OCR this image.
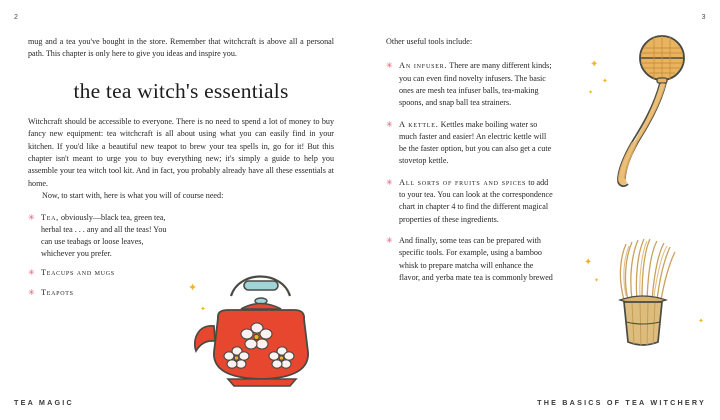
2

mug and a tea you've bought in the store. Remember that witchcraft is above all a personal path. This chapter is only here to give you ideas and inspire you.

the tea witch's essentials

Witchcraft should be accessible to everyone. There is no need to spend a lot of money to buy fancy new equipment: tea witchcraft is all about using what you can easily find in your kitchen. If you'd like a beautiful new teapot to brew your tea spells in, go for it! But this chapter isn't meant to urge you to buy everything new; it's simply a guide to help you assemble your tea witch tool kit. And in fact, you probably already have all these essentials at home.

Now, to start with, here is what you will of course need:

✳ Tea, obviously—black tea, green tea, herbal tea . . . any and all the teas! You can use teabags or loose leaves, whichever you prefer.
✳ Teacups and mugs
✳ Teapots	✦
✦
TEA MAGIC
3

Other useful tools include:

✳ An infuser. There are many different kinds; you can even find novelty infusers. The basic ones are mesh tea infuser balls, tea-making spoons, and snap ball tea strainers.
✳ A kettle. Kettles make boiling water so much faster and easier! An electric kettle will be the faster option, but you can also get a cute stovetop kettle.
✳ All sorts of fruits and spices to add to your tea. You can look at the correspondence chart in chapter 4 to find the different magical properties of these ingredients.
✳ And finally, some teas can be prepared with specific tools. For example, using a bamboo whisk to prepare matcha will enhance the flavor, and yerba mate tea is commonly brewed
✦
✦
✦
✦
✦
✦
THE BASICS OF TEA WITCHERY
